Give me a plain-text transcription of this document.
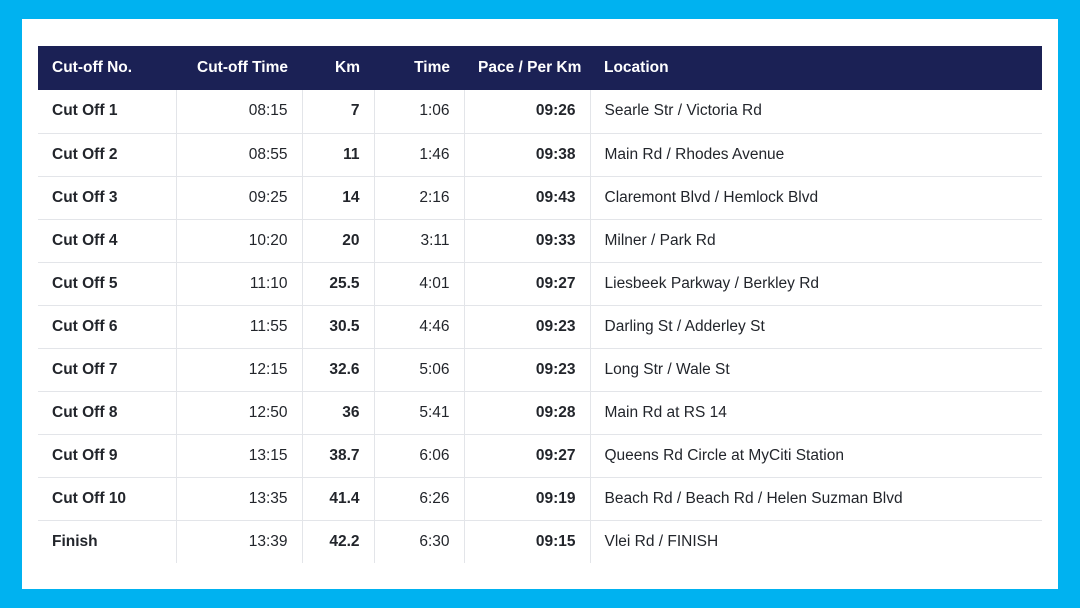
Cut-off No.	Cut-off Time	Km	Time	Pace / Per Km	Location
Cut Off 1	08:15	7	1:06	09:26	Searle Str / Victoria Rd
Cut Off 2	08:55	11	1:46	09:38	Main Rd / Rhodes Avenue
Cut Off 3	09:25	14	2:16	09:43	Claremont Blvd / Hemlock Blvd
Cut Off 4	10:20	20	3:11	09:33	Milner / Park Rd
Cut Off 5	11:10	25.5	4:01	09:27	Liesbeek Parkway / Berkley Rd
Cut Off 6	11:55	30.5	4:46	09:23	Darling St / Adderley St
Cut Off 7	12:15	32.6	5:06	09:23	Long Str / Wale St
Cut Off 8	12:50	36	5:41	09:28	Main Rd at RS 14
Cut Off 9	13:15	38.7	6:06	09:27	Queens Rd Circle at MyCiti Station
Cut Off 10	13:35	41.4	6:26	09:19	Beach Rd / Beach Rd / Helen Suzman Blvd
Finish	13:39	42.2	6:30	09:15	Vlei Rd / FINISH
